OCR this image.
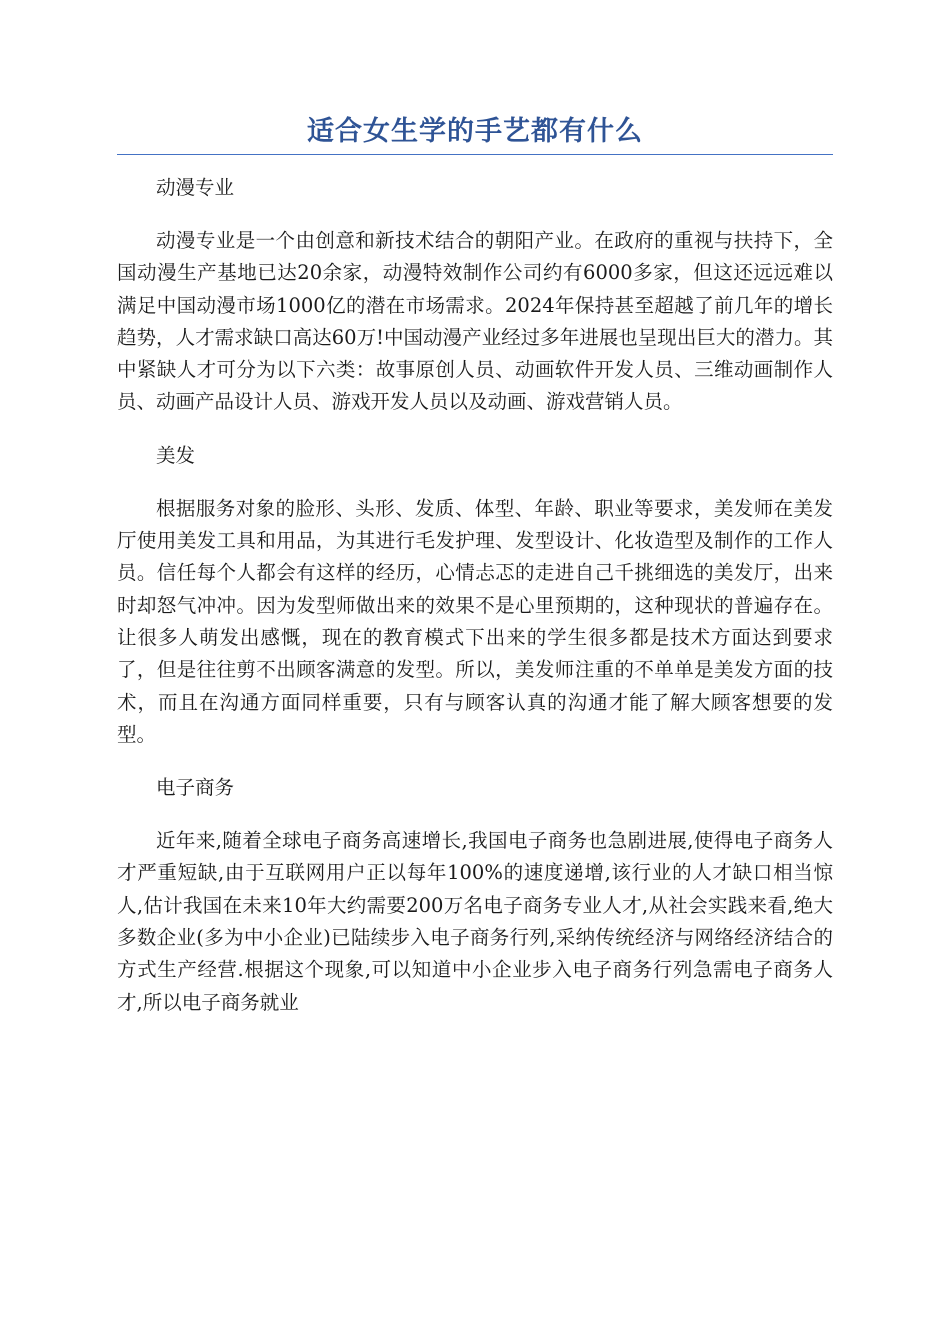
适合女生学的手艺都有什么

动漫专业

动漫专业是一个由创意和新技术结合的朝阳产业。在政府的重视与扶持下，全国动漫生产基地已达20余家，动漫特效制作公司约有6000多家，但这还远远难以满足中国动漫市场1000亿的潜在市场需求。2024年保持甚至超越了前几年的增长趋势，人才需求缺口高达60万!中国动漫产业经过多年进展也呈现出巨大的潜力。其中紧缺人才可分为以下六类：故事原创人员、动画软件开发人员、三维动画制作人员、动画产品设计人员、游戏开发人员以及动画、游戏营销人员。

美发

根据服务对象的脸形、头形、发质、体型、年龄、职业等要求，美发师在美发厅使用美发工具和用品，为其进行毛发护理、发型设计、化妆造型及制作的工作人员。信任每个人都会有这样的经历，心情忐忑的走进自己千挑细选的美发厅，出来时却怒气冲冲。因为发型师做出来的效果不是心里预期的，这种现状的普遍存在。让很多人萌发出感慨，现在的教育模式下出来的学生很多都是技术方面达到要求了，但是往往剪不出顾客满意的发型。所以，美发师注重的不单单是美发方面的技术，而且在沟通方面同样重要，只有与顾客认真的沟通才能了解大顾客想要的发型。

电子商务

近年来,随着全球电子商务高速增长,我国电子商务也急剧进展,使得电子商务人才严重短缺,由于互联网用户正以每年100%的速度递增,该行业的人才缺口相当惊人,估计我国在未来10年大约需要200万名电子商务专业人才,从社会实践来看,绝大多数企业(多为中小企业)已陆续步入电子商务行列,采纳传统经济与网络经济结合的方式生产经营.根据这个现象,可以知道中小企业步入电子商务行列急需电子商务人才,所以电子商务就业
